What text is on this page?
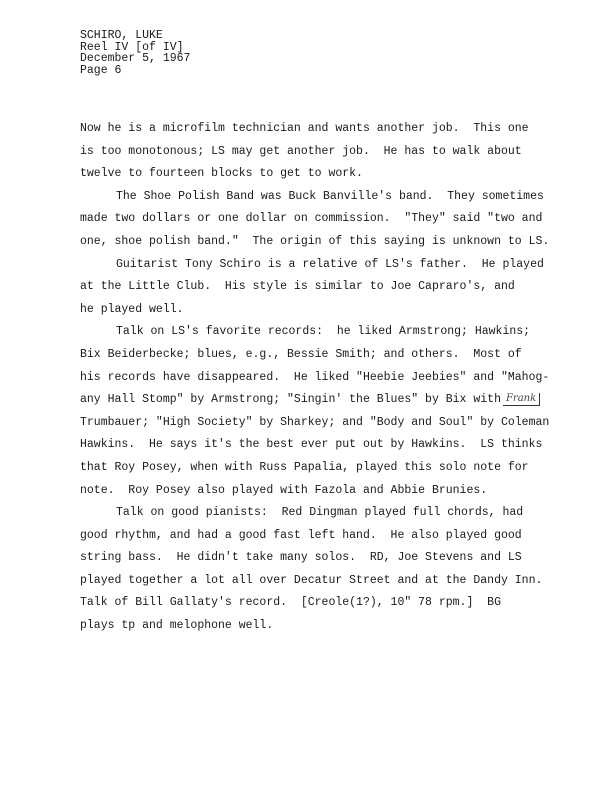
SCHIRO, LUKE
Reel IV [of IV]
December 5, 1967
Page 6
Now he is a microfilm technician and wants another job.  This one
is too monotonous; LS may get another job.  He has to walk about
twelve to fourteen blocks to get to work.
The Shoe Polish Band was Buck Banville's band.  They sometimes
made two dollars or one dollar on commission.  "They" said "two and
one, shoe polish band."  The origin of this saying is unknown to LS.
Guitarist Tony Schiro is a relative of LS's father.  He played
at the Little Club.  His style is similar to Joe Capraro's, and
he played well.
Talk on LS's favorite records:  he liked Armstrong; Hawkins;
Bix Beiderbecke; blues, e.g., Bessie Smith; and others.  Most of
his records have disappeared.  He liked "Heebie Jeebies" and "Mahog-
any Hall Stomp" by Armstrong; "Singin' the Blues" by Bix with Frank
Trumbauer; "High Society" by Sharkey; and "Body and Soul" by Coleman
Hawkins.  He says it's the best ever put out by Hawkins.  LS thinks
that Roy Posey, when with Russ Papalia, played this solo note for
note.  Roy Posey also played with Fazola and Abbie Brunies.
Talk on good pianists:  Red Dingman played full chords, had
good rhythm, and had a good fast left hand.  He also played good
string bass.  He didn't take many solos.  RD, Joe Stevens and LS
played together a lot all over Decatur Street and at the Dandy Inn.
Talk of Bill Gallaty's record.  [Creole(1?), 10" 78 rpm.]  BG
plays tp and melophone well.
